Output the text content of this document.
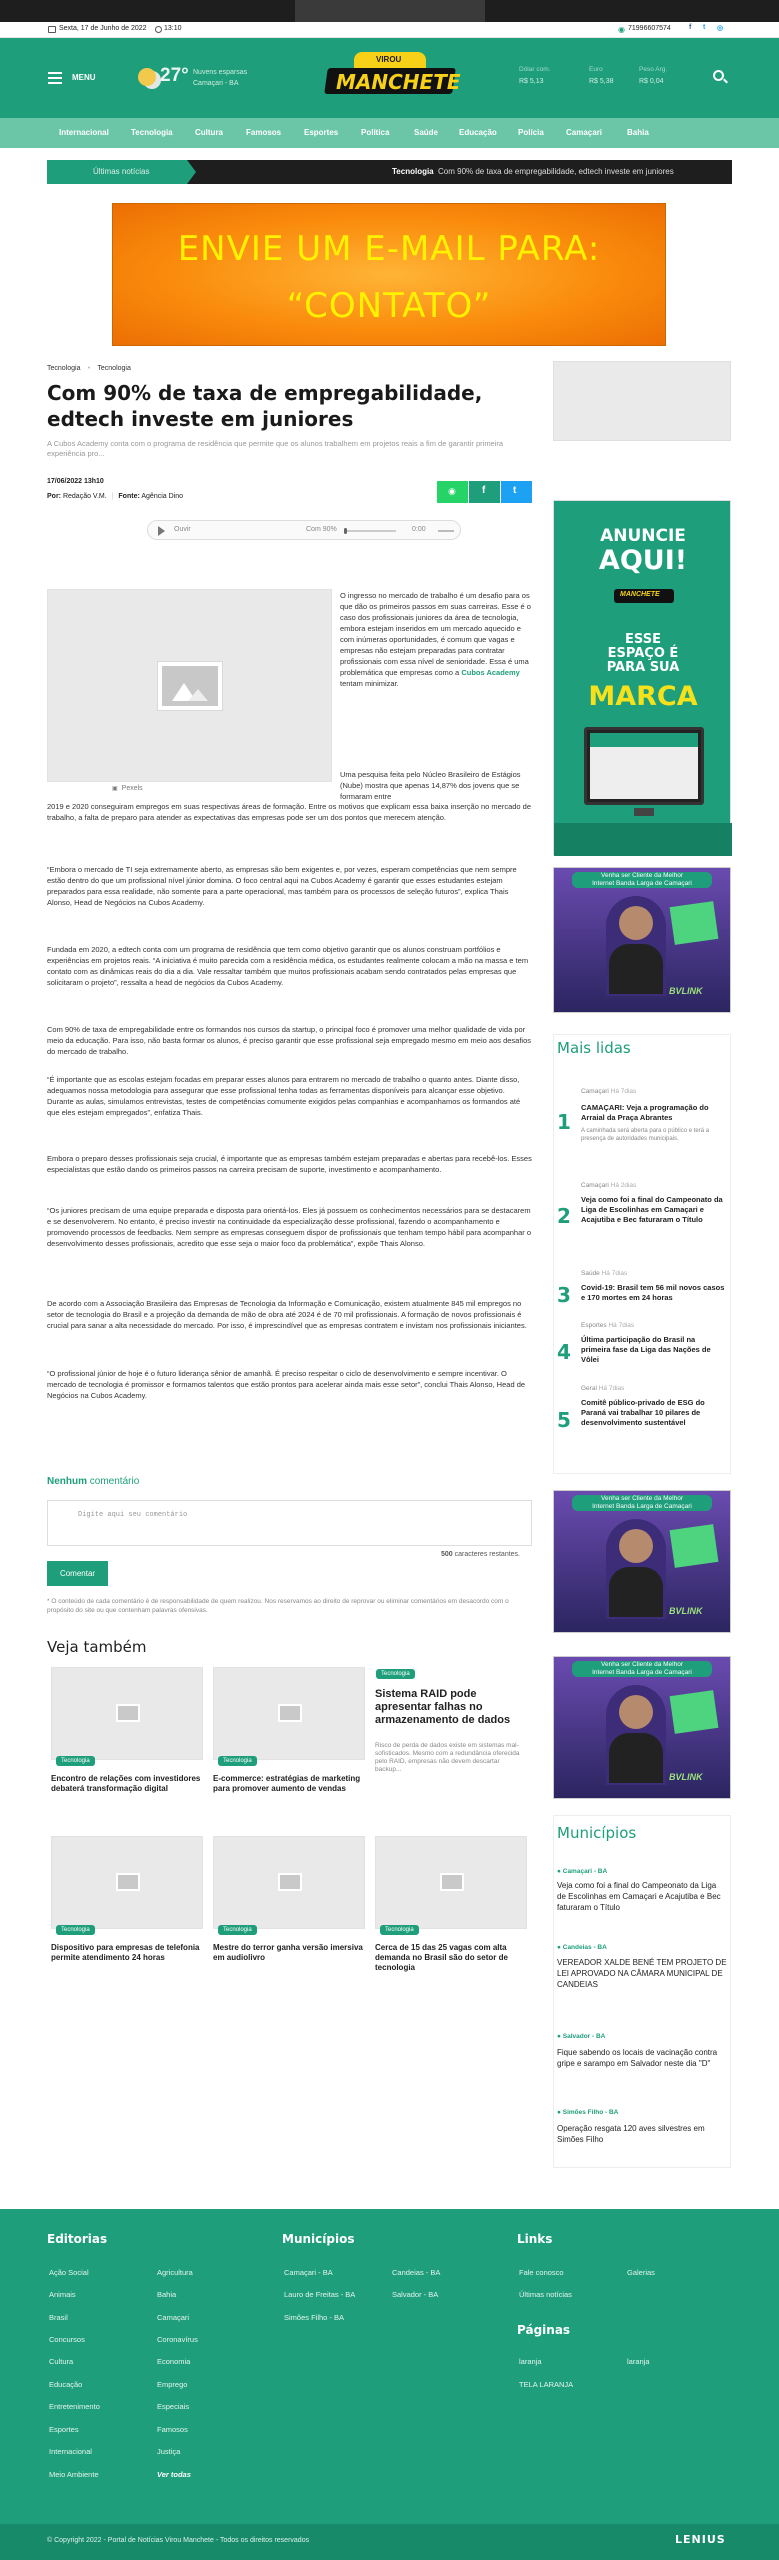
Sexta, 17 de Junho de 2022 13:10	◉ 71996607574	f t ◎
MENU	27° Nuvens esparsas
Camaçari - BA
VIROU
MANCHETE
Dólar com.
R$ 5,13
Euro
R$ 5,38
Peso Arg.
R$ 0,04
Internacional	Tecnologia	Cultura	Famosos	Esportes	Política	Saúde	Educação	Polícia	Camaçari	Bahia
Últimas notícias	Tecnologia Com 90% de taxa de empregabilidade, edtech investe em juniores	Câma
ENVIE UM E-MAIL PARA:
“CONTATO”
Tecnologia • Tecnologia
Com 90% de taxa de empregabilidade, edtech investe em juniores
A Cubos Academy conta com o programa de residência que permite que os alunos trabalhem em projetos reais a fim de garantir primeira experiência pro...
17/06/2022 13h10
Por: Redação V.M. | Fonte: Agência Dino
◉	f	t
Ouvir	Com 90%	0:00
▣ Pexels
O ingresso no mercado de trabalho é um desafio para os que dão os primeiros passos em suas carreiras. Esse é o caso dos profissionais juniores da área de tecnologia, embora estejam inseridos em um mercado aquecido e com inúmeras oportunidades, é comum que vagas e empresas não estejam preparadas para contratar profissionais com essa nível de senioridade. Essa é uma problemática que empresas como a Cubos Academy tentam minimizar.
Uma pesquisa feita pelo Núcleo Brasileiro de Estágios (Nube) mostra que apenas 14,87% dos jovens que se formaram entre
2019 e 2020 conseguiram empregos em suas respectivas áreas de formação. Entre os motivos que explicam essa baixa inserção no mercado de trabalho, a falta de preparo para atender as expectativas das empresas pode ser um dos pontos que merecem atenção.
“Embora o mercado de TI seja extremamente aberto, as empresas são bem exigentes e, por vezes, esperam competências que nem sempre estão dentro do que um profissional nível júnior domina. O foco central aqui na Cubos Academy é garantir que esses estudantes estejam preparados para essa realidade, não somente para a parte operacional, mas também para os processos de seleção futuros”, explica Thais Alonso, Head de Negócios na Cubos Academy.
Fundada em 2020, a edtech conta com um programa de residência que tem como objetivo garantir que os alunos construam portfólios e experiências em projetos reais. “A iniciativa é muito parecida com a residência médica, os estudantes realmente colocam a mão na massa e tem contato com as dinâmicas reais do dia a dia. Vale ressaltar também que muitos profissionais acabam sendo contratados pelas empresas que solicitaram o projeto”, ressalta a head de negócios da Cubos Academy.
Com 90% de taxa de empregabilidade entre os formandos nos cursos da startup, o principal foco é promover uma melhor qualidade de vida por meio da educação. Para isso, não basta formar os alunos, é preciso garantir que esse profissional seja empregado mesmo em meio aos desafios do mercado de trabalho.
“É importante que as escolas estejam focadas em preparar esses alunos para entrarem no mercado de trabalho o quanto antes. Diante disso, adequamos nossa metodologia para assegurar que esse profissional tenha todas as ferramentas disponíveis para alcançar esse objetivo. Durante as aulas, simulamos entrevistas, testes de competências comumente exigidos pelas companhias e acompanhamos os formandos até que eles estejam empregados”, enfatiza Thais.
Embora o preparo desses profissionais seja crucial, é importante que as empresas também estejam preparadas e abertas para recebê-los. Esses especialistas que estão dando os primeiros passos na carreira precisam de suporte, investimento e acompanhamento.
“Os juniores precisam de uma equipe preparada e disposta para orientá-los. Eles já possuem os conhecimentos necessários para se destacarem e se desenvolverem. No entanto, é preciso investir na continuidade da especialização desse profissional, fazendo o acompanhamento e promovendo processos de feedbacks. Nem sempre as empresas conseguem dispor de profissionais que tenham tempo hábil para acompanhar o desenvolvimento desses profissionais, acredito que esse seja o maior foco da problemática”, expõe Thais Alonso.
De acordo com a Associação Brasileira das Empresas de Tecnologia da Informação e Comunicação, existem atualmente 845 mil empregos no setor de tecnologia do Brasil e a projeção da demanda de mão de obra até 2024 é de 70 mil profissionais. A formação de novos profissionais é crucial para sanar a alta necessidade do mercado. Por isso, é imprescindível que as empresas contratem e invistam nos profissionais iniciantes.
“O profissional júnior de hoje é o futuro liderança sênior de amanhã. É preciso respeitar o ciclo de desenvolvimento e sempre incentivar. O mercado de tecnologia é promissor e formamos talentos que estão prontos para acelerar ainda mais esse setor”, conclui Thais Alonso, Head de Negócios na Cubos Academy.
Nenhum comentário
Digite aqui seu comentário
500 caracteres restantes.
Comentar
* O conteúdo de cada comentário é de responsabilidade de quem realizou. Nos reservamos ao direito de reprovar ou eliminar comentários em desacordo com o propósito do site ou que contenham palavras ofensivas.
Veja também
Tecnologia
Encontro de relações com investidores debaterá transformação digital
Tecnologia
E-commerce: estratégias de marketing para promover aumento de vendas
Tecnologia
Sistema RAID pode apresentar falhas no armazenamento de dados
Risco de perda de dados existe em sistemas mal-sofisticados. Mesmo com a redundância oferecida pelo RAID, empresas não devem descartar backup...
Tecnologia
Dispositivo para empresas de telefonia permite atendimento 24 horas
Tecnologia
Mestre do terror ganha versão imersiva em audiolivro
Tecnologia
Cerca de 15 das 25 vagas com alta demanda no Brasil são do setor de tecnologia
ANUNCIE
AQUI!
MANCHETE
ESSE
ESPAÇO É
PARA SUA
MARCA
Venha ser Cliente da Melhor
Internet Banda Larga de Camaçari
BVLINK
Mais lidas
Camaçari Há 7dias
1
CAMAÇARI: Veja a programação do Arraial da Praça Abrantes
A caminhada será aberta para o público e terá a presença de autoridades municipais.
Camaçari Há 2dias
2
Veja como foi a final do Campeonato da Liga de Escolinhas em Camaçari e Acajutiba e Bec faturaram o Título
Saúde Há 7dias
3 Covid-19: Brasil tem 56 mil novos casos e 170 mortes em 24 horas
Esportes Há 7dias
4
Última participação do Brasil na primeira fase da Liga das Nações de Vôlei
Geral Há 7dias
5
Comitê público-privado de ESG do Paraná vai trabalhar 10 pilares de desenvolvimento sustentável
Venha ser Cliente da Melhor
Internet Banda Larga de Camaçari
BVLINK
Venha ser Cliente da Melhor
Internet Banda Larga de Camaçari
BVLINK
Municípios
● Camaçari - BA
Veja como foi a final do Campeonato da Liga de Escolinhas em Camaçari e Acajutiba e Bec faturaram o Título
● Candeias - BA
VEREADOR XALDE BENÉ TEM PROJETO DE LEI APROVADO NA CÂMARA MUNICIPAL DE CANDEIAS
● Salvador - BA
Fique sabendo os locais de vacinação contra gripe e sarampo em Salvador neste dia "D"
● Simões Filho - BA
Operação resgata 120 aves silvestres em Simões Filho
Editorias
Ação Social
Animais
Brasil
Concursos
Cultura
Educação
Entretenimento
Esportes
Internacional
Meio Ambiente
Agricultura
Bahia
Camaçari
Coronavírus
Economia
Emprego
Especiais
Famosos
Justiça
Ver todas
Municípios
Camaçari - BA
Lauro de Freitas - BA
Simões Filho - BA
Candeias - BA
Salvador - BA
Links
Fale conosco
Últimas notícias
Galerias
Páginas
laranja
TELA LARANJA
laranja
© Copyright 2022 - Portal de Notícias Virou Manchete - Todos os direitos reservados	LENIUS
